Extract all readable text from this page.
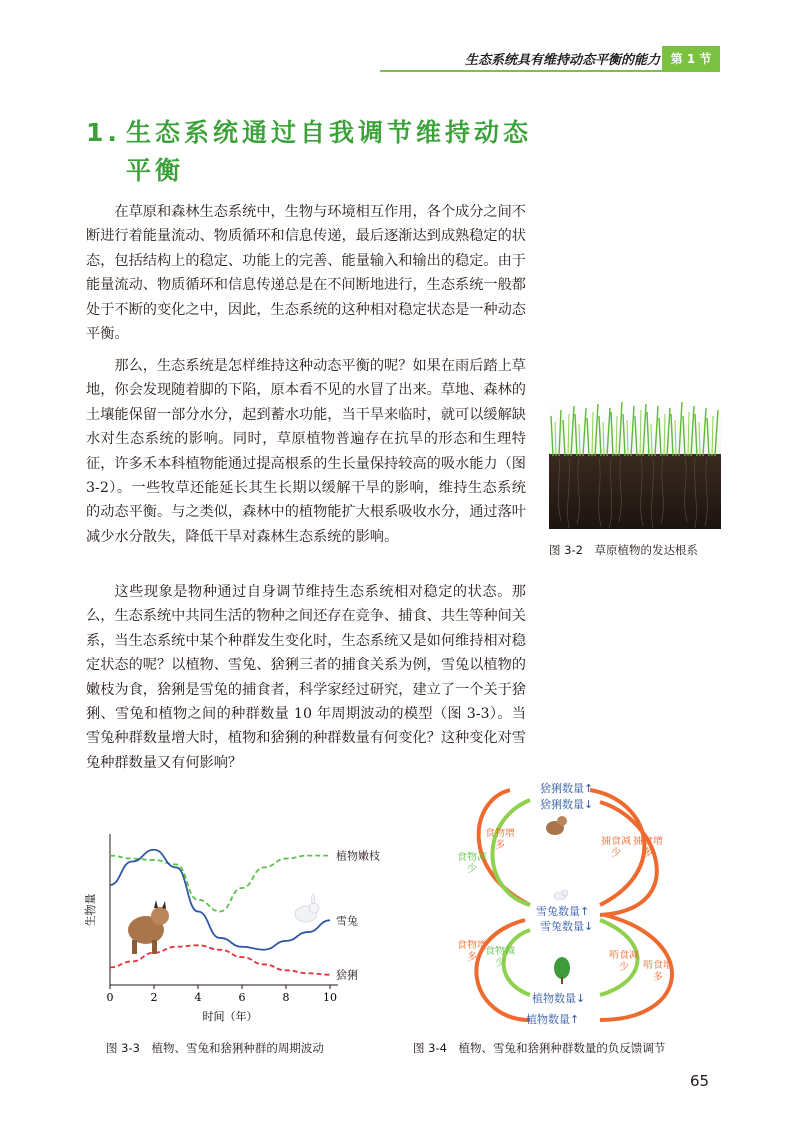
生态系统具有维持动态平衡的能力 第 1 节
1. 生态系统通过自我调节维持动态
平衡

在草原和森林生态系统中，生物与环境相互作用，各个成分之间不断进行着能量流动、物质循环和信息传递，最后逐渐达到成熟稳定的状态，包括结构上的稳定、功能上的完善、能量输入和输出的稳定。由于能量流动、物质循环和信息传递总是在不间断地进行，生态系统一般都处于不断的变化之中，因此，生态系统的这种相对稳定状态是一种动态平衡。

那么，生态系统是怎样维持这种动态平衡的呢？如果在雨后踏上草地，你会发现随着脚的下陷，原本看不见的水冒了出来。草地、森林的土壤能保留一部分水分，起到蓄水功能，当干旱来临时，就可以缓解缺水对生态系统的影响。同时，草原植物普遍存在抗旱的形态和生理特征，许多禾本科植物能通过提高根系的生长量保持较高的吸水能力（图 3-2）。一些牧草还能延长其生长期以缓解干旱的影响，维持生态系统的动态平衡。与之类似，森林中的植物能扩大根系吸收水分，通过落叶减少水分散失，降低干旱对森林生态系统的影响。

这些现象是物种通过自身调节维持生态系统相对稳定的状态。那么，生态系统中共同生活的物种之间还存在竞争、捕食、共生等种间关系，当生态系统中某个种群发生变化时，生态系统又是如何维持相对稳定状态的呢？以植物、雪兔、猞猁三者的捕食关系为例，雪兔以植物的嫩枝为食，猞猁是雪兔的捕食者，科学家经过研究，建立了一个关于猞猁、雪兔和植物之间的种群数量 10 年周期波动的模型（图 3-3）。当雪兔种群数量增大时，植物和猞猁的种群数量有何变化？这种变化对雪兔种群数量又有何影响？

图 3-2　草原植物的发达根系
0	2	4	6	8	10
植物嫩枝
雪兔
猞猁
生物量
时间（年）
图 3-3　植物、雪兔和猞猁种群的周期波动
猞猁数量↑
猞猁数量↓
雪兔数量↑
雪兔数量↓
植物数量↓
植物数量↑
食物增多
食物减少
捕食减少
捕食增多
食物增多
食物减少
啃食减少	啃食增多
图 3-4　植物、雪兔和猞猁种群数量的负反馈调节
65
